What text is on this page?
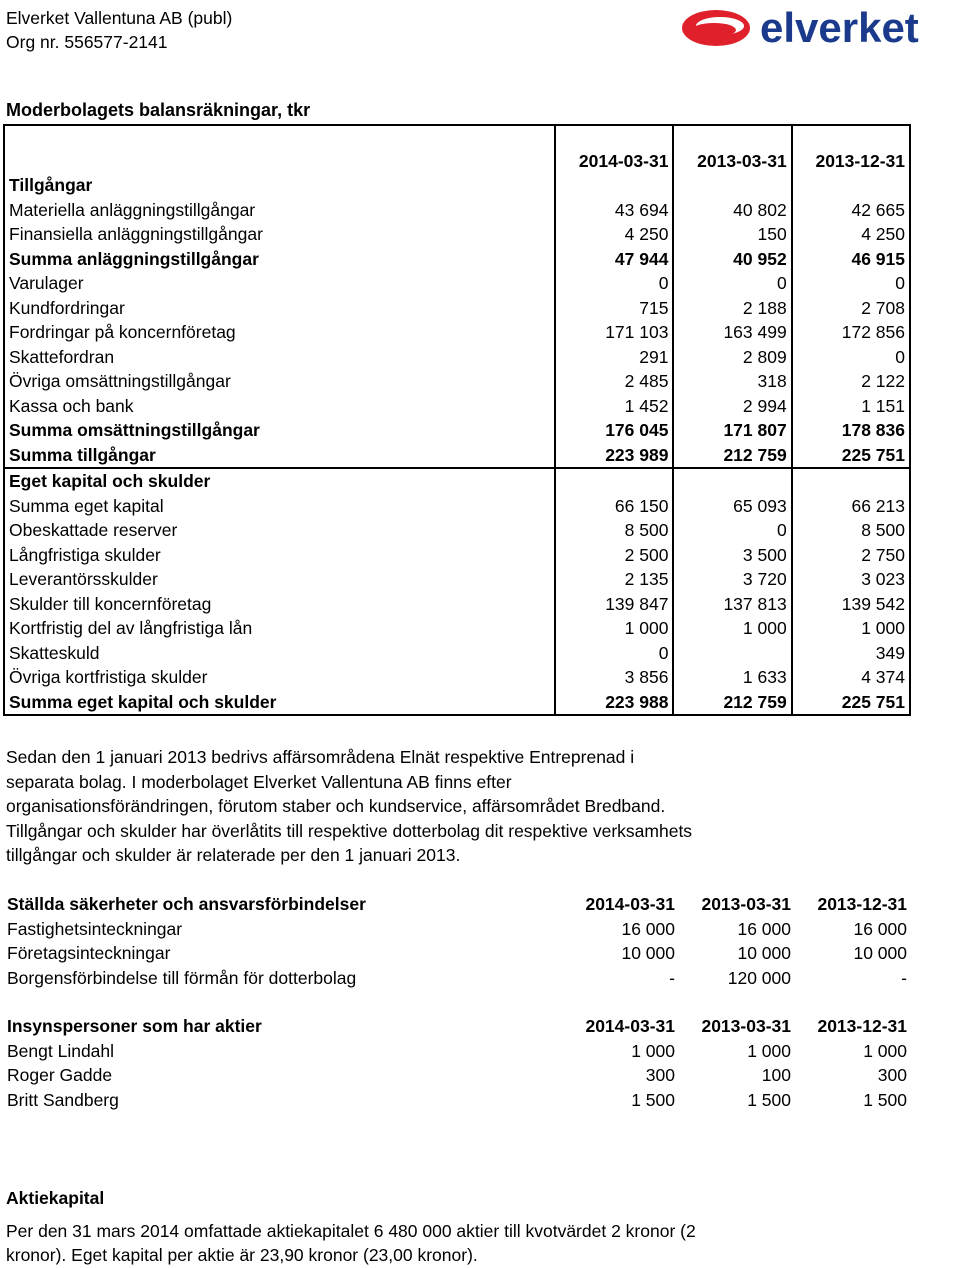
Elverket Vallentuna AB (publ)
Org nr. 556577-2141	elverket
Moderbolagets balansräkningar, tkr
	2014-03-31	2013-03-31	2013-12-31
Tillgångar			
Materiella anläggningstillgångar	43 694	40 802	42 665
Finansiella anläggningstillgångar	4 250	150	4 250
Summa anläggningstillgångar	47 944	40 952	46 915
Varulager	0	0	0
Kundfordringar	715	2 188	2 708
Fordringar på koncernföretag	171 103	163 499	172 856
Skattefordran	291	2 809	0
Övriga omsättningstillgångar	2 485	318	2 122
Kassa och bank	1 452	2 994	1 151
Summa omsättningstillgångar	176 045	171 807	178 836
Summa tillgångar	223 989	212 759	225 751
Eget kapital och skulder			
Summa eget kapital	66 150	65 093	66 213
Obeskattade reserver	8 500	0	8 500
Långfristiga skulder	2 500	3 500	2 750
Leverantörsskulder	2 135	3 720	3 023
Skulder till koncernföretag	139 847	137 813	139 542
Kortfristig del av långfristiga lån	1 000	1 000	1 000
Skatteskuld	0		349
Övriga kortfristiga skulder	3 856	1 633	4 374
Summa eget kapital och skulder	223 988	212 759	225 751
Sedan den 1 januari 2013 bedrivs affärsområdena Elnät respektive Entreprenad i
separata bolag. I moderbolaget Elverket Vallentuna AB finns efter
organisationsförändringen, förutom staber och kundservice, affärsområdet Bredband.
Tillgångar och skulder har överlåtits till respektive dotterbolag dit respektive verksamhets
tillgångar och skulder är relaterade per den 1 januari 2013.
Ställda säkerheter och ansvarsförbindelser	2014-03-31	2013-03-31	2013-12-31
Fastighetsinteckningar	16 000	16 000	16 000
Företagsinteckningar	10 000	10 000	10 000
Borgensförbindelse till förmån för dotterbolag	-	120 000	-
Insynspersoner som har aktier	2014-03-31	2013-03-31	2013-12-31
Bengt Lindahl	1 000	1 000	1 000
Roger Gadde	300	100	300
Britt Sandberg	1 500	1 500	1 500
Aktiekapital
Per den 31 mars 2014 omfattade aktiekapitalet 6 480 000 aktier till kvotvärdet 2 kronor (2
kronor). Eget kapital per aktie är 23,90 kronor (23,00 kronor).
